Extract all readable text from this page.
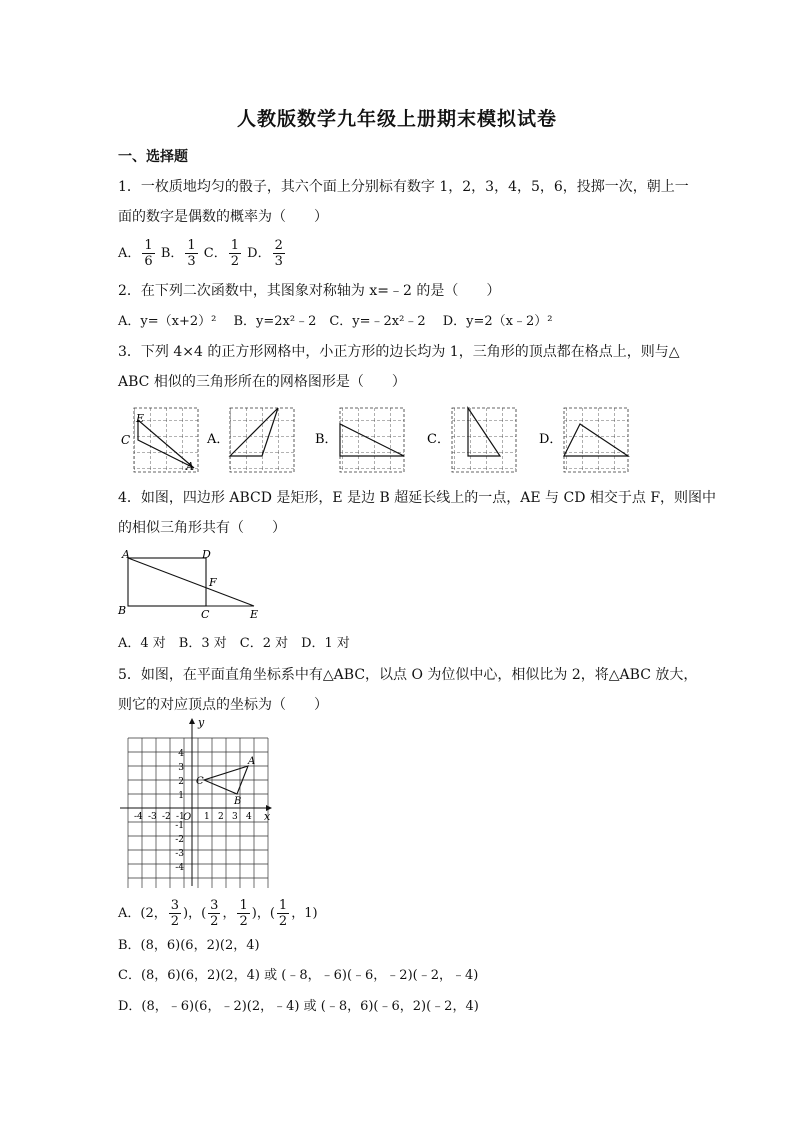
人教版数学九年级上册期末模拟试卷
一、选择题
1．一枚质地均匀的骰子，其六个面上分别标有数字 1，2，3，4，5，6，投掷一次，朝上一
面的数字是偶数的概率为（　　）
A． $\frac{1}{6}$ B． $\frac{1}{3}$ C． $\frac{1}{2}$ D． $\frac{2}{3}$
2．在下列二次函数中，其图象对称轴为 x=﹣2 的是（　　）
A．y=（x+2）²　 B．y=2x²﹣2　C．y=﹣2x²﹣2　 D．y=2（x﹣2）²
3．下列 4×4 的正方形网格中，小正方形的边长均为 1，三角形的顶点都在格点上，则与△
ABC 相似的三角形所在的网格图形是（　　）
E
C
A
A．	B．	C．	D．
4．如图，四边形 ABCD 是矩形，E 是边 B 超延长线上的一点，AE 与 CD 相交于点 F，则图中
的相似三角形共有（　　）
A	D
F
B	C	E
A．4 对　B．3 对　C．2 对　D．1 对
5．如图，在平面直角坐标系中有△ABC，以点 O 为位似中心，相似比为 2，将△ABC 放大，
则它的对应顶点的坐标为（　　）
x
y
O
-4 -3 -2 -1 1 2 3 4
4
3
2
1
-1
-2
-3
-4
A
B
C
A．(2， $\frac{3}{2}$ )，( $\frac{3}{2}$ ， $\frac{1}{2}$ )，( $\frac{1}{2}$ ，1)
B．(8，6)(6，2)(2，4)
C．(8，6)(6，2)(2，4) 或 (﹣8，﹣6)(﹣6，﹣2)(﹣2，﹣4)
D．(8，﹣6)(6，﹣2)(2，﹣4) 或 (﹣8，6)(﹣6，2)(﹣2，4)
